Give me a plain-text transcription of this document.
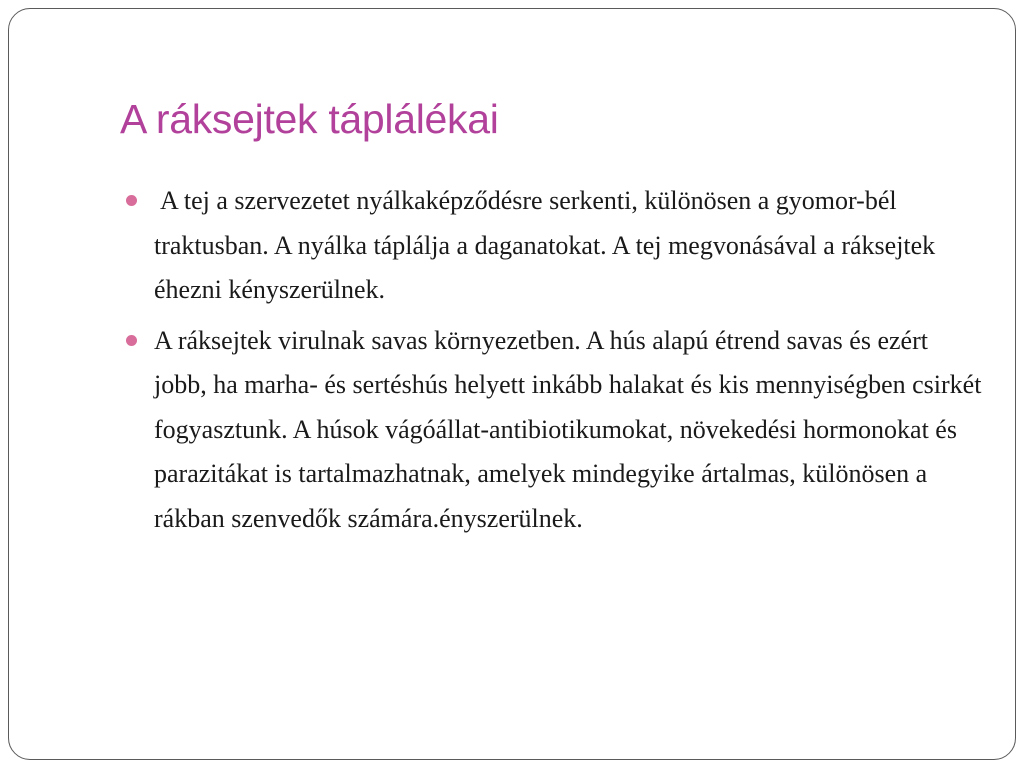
A ráksejtek táplálékai
A tej a szervezetet nyálkaképződésre serkenti, különösen a gyomor-bél traktusban. A nyálka táplálja a daganatokat. A tej megvonásával a ráksejtek éhezni kényszerülnek.
A ráksejtek virulnak savas környezetben. A hús alapú étrend savas és ezért jobb, ha marha- és sertéshús helyett inkább halakat és kis mennyiségben csirkét fogyasztunk. A húsok vágóállat-antibiotikumokat, növekedési hormonokat és parazitákat is tartalmazhatnak, amelyek mindegyike ártalmas, különösen a rákban szenvedők számára.ényszerülnek.
